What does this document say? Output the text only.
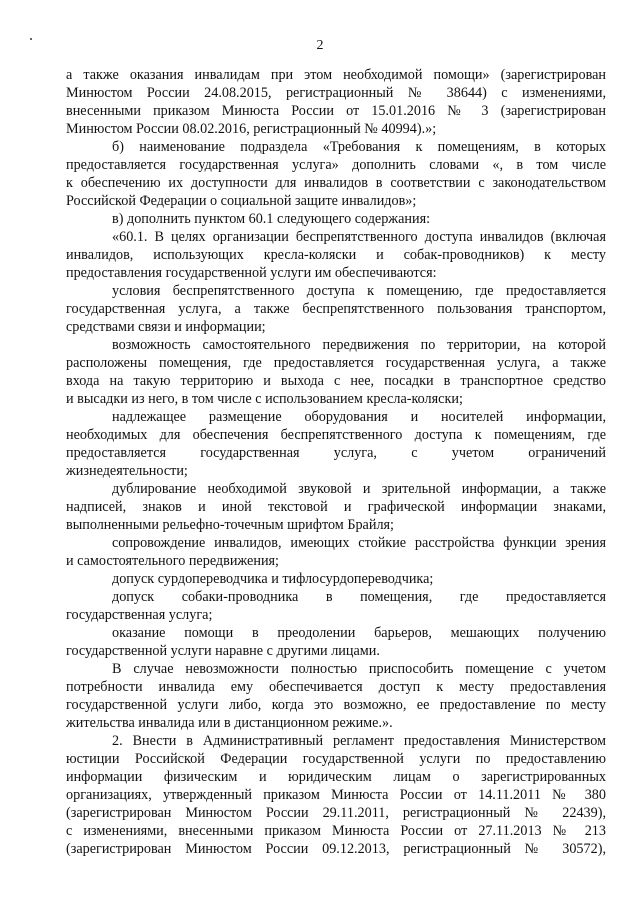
2
а также оказания инвалидам при этом необходимой помощи» (зарегистрирован
Минюстом России 24.08.2015, регистрационный № 38644) с изменениями,
внесенными приказом Минюста России от 15.01.2016 № 3 (зарегистрирован
Минюстом России 08.02.2016, регистрационный № 40994).»;
б) наименование подраздела «Требования к помещениям, в которых
предоставляется государственная услуга» дополнить словами «, в том числе
к обеспечению их доступности для инвалидов в соответствии с законодательством
Российской Федерации о социальной защите инвалидов»;
в) дополнить пунктом 60.1 следующего содержания:
«60.1. В целях организации беспрепятственного доступа инвалидов (включая
инвалидов, использующих кресла-коляски и собак-проводников) к месту
предоставления государственной услуги им обеспечиваются:
условия беспрепятственного доступа к помещению, где предоставляется
государственная услуга, а также беспрепятственного пользования транспортом,
средствами связи и информации;
возможность самостоятельного передвижения по территории, на которой
расположены помещения, где предоставляется государственная услуга, а также
входа на такую территорию и выхода с нее, посадки в транспортное средство
и высадки из него, в том числе с использованием кресла-коляски;
надлежащее размещение оборудования и носителей информации,
необходимых для обеспечения беспрепятственного доступа к помещениям, где
предоставляется государственная услуга, с учетом ограничений
жизнедеятельности;
дублирование необходимой звуковой и зрительной информации, а также
надписей, знаков и иной текстовой и графической информации знаками,
выполненными рельефно-точечным шрифтом Брайля;
сопровождение инвалидов, имеющих стойкие расстройства функции зрения
и самостоятельного передвижения;
допуск сурдопереводчика и тифлосурдопереводчика;
допуск собаки-проводника в помещения, где предоставляется
государственная услуга;
оказание помощи в преодолении барьеров, мешающих получению
государственной услуги наравне с другими лицами.
В случае невозможности полностью приспособить помещение с учетом
потребности инвалида ему обеспечивается доступ к месту предоставления
государственной услуги либо, когда это возможно, ее предоставление по месту
жительства инвалида или в дистанционном режиме.».
2. Внести в Административный регламент предоставления Министерством
юстиции Российской Федерации государственной услуги по предоставлению
информации физическим и юридическим лицам о зарегистрированных
организациях, утвержденный приказом Минюста России от 14.11.2011 № 380
(зарегистрирован Минюстом России 29.11.2011, регистрационный № 22439),
с изменениями, внесенными приказом Минюста России от 27.11.2013 № 213
(зарегистрирован Минюстом России 09.12.2013, регистрационный № 30572),
